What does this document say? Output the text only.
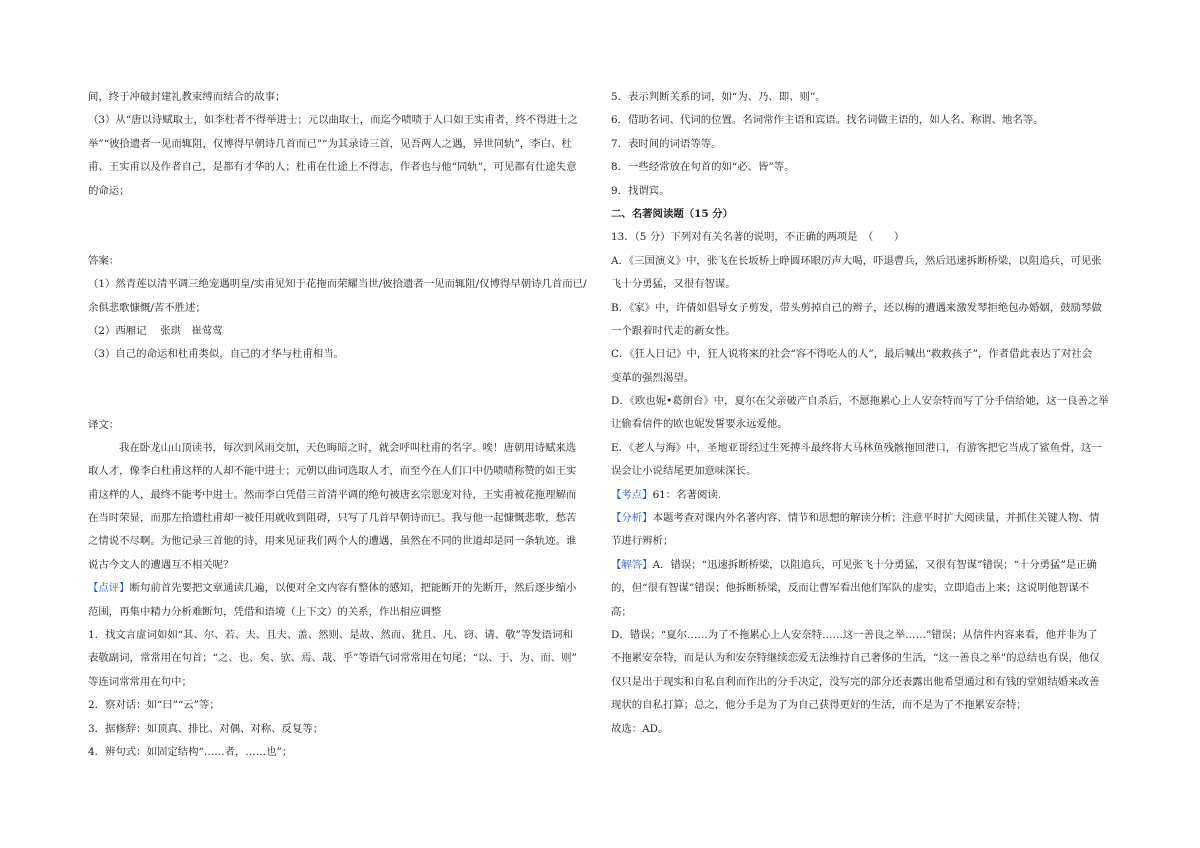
间，终于冲破封建礼教束缚而结合的故事；

（3）从“唐以诗赋取士，如李杜者不得举进士；元以曲取士，而迄今啧啧于人口如王实甫者，终不得进士之

举”“彼拾遗者一见而辄阻，仅博得早朝诗几首而已”“为其录诗三首，见吾两人之遇，异世同轨”，李白、杜

甫、王实甫以及作者自己，是都有才华的人；杜甫在仕途上不得志，作者也与他“同轨”，可见都有仕途失意

的命运；

答案：

（1）然青莲以清平调三绝宠遇明皇/实甫见知于花拖而荣耀当世/彼拾遗者一见而辄阻/仅博得早朝诗几首而已/

余俱悲歌慷慨/苦不胜述；

（2）西厢记　 张珙　崔莺莺

（3）自己的命运和杜甫类似，自己的才华与杜甫相当。

译文：

我在卧龙山山顶读书，每次到风雨交加，天色晦暗之时，就会呼叫杜甫的名字。唉！唐朝用诗赋来选

取人才，像李白杜甫这样的人却不能中进士；元朝以曲词选取人才，而至今在人们口中仍啧啧称赞的如王实

甫这样的人，最终不能考中进士。然而李白凭借三首清平调的绝句被唐玄宗恩宠对待，王实甫被花拖理解而

在当时荣显，而那左拾遗杜甫却一被任用就收到阻碍，只写了几首早朝诗而已。我与他一起慷慨悲歌，愁苦

之情说不尽啊。为他记录三首他的诗，用来见证我们两个人的遭遇，虽然在不同的世道却是同一条轨迹。谁

说古今文人的遭遇互不相关呢？

【点评】断句前首先要把文章通读几遍，以便对全文内容有整体的感知，把能断开的先断开，然后逐步缩小

范围，再集中精力分析难断句，凭借和语境（上下文）的关系，作出相应调整

1．找文言虚词如如“其、尔、若、夫、且夫、盖、然则、是故、然而、犹且、凡、窃、请、敬”等发语词和

表敬副词，常常用在句首；“之、也、矣、欤、焉、哉、乎”等语气词常常用在句尾；“以、于、为、而、则”

等连词常常用在句中；

2．察对话：如“曰”“云”等；

3．据修辞：如顶真、排比、对偶、对称、反复等；

4．辨句式：如固定结构“……者，……也”；

5．表示判断关系的词，如“为、乃、即、则”。

6．借助名词、代词的位置。名词常作主语和宾语。找名词做主语的，如人名、称谓、地名等。

7．表时间的词语等等。

8．一些经常放在句首的如“必、皆”等。

9．找谓宾。

二、名著阅读题（15 分）

13．（5 分）下列对有关名著的说明，不正确的两项是　（　　）

A．《三国演义》中，张飞在长坂桥上睁圆环眼厉声大喝，吓退曹兵，然后迅速拆断桥梁，以阻追兵，可见张

飞十分勇猛，又很有智谋。

B．《家》中，许倩如倡导女子剪发，带头剪掉自己的辫子，还以梅的遭遇来激发琴拒绝包办婚姻，鼓励琴做

一个跟着时代走的新女性。

C．《狂人日记》中，狂人说将来的社会“容不得吃人的人”，最后喊出“救救孩子”，作者借此表达了对社会

变革的强烈渴望。

D．《欧也妮•葛朗台》中，夏尔在父亲破产自杀后，不愿拖累心上人安奈特而写了分手信给她，这一良善之举

让偷看信件的欧也妮发誓要永远爱他。

E．《老人与海》中，圣地亚哥经过生死搏斗最终将大马林鱼残骸拖回港口，有游客把它当成了鲨鱼骨，这一

误会让小说结尾更加意味深长。

【考点】61：名著阅读.

【分析】本题考查对课内外名著内容、情节和思想的解读分析；注意平时扩大阅读量，并抓住关键人物、情

节进行辨析；

【解答】A．错误；“迅速拆断桥梁，以阻追兵，可见张飞十分勇猛，又很有智谋”错误；“十分勇猛”是正确

的，但“很有智谋”错误；他拆断桥梁，反而让曹军看出他们军队的虚实，立即追击上来；这说明他智谋不

高；

D．错误；“夏尔……为了不拖累心上人安奈特……这一善良之举……”错误；从信件内容来看，他并非为了

不拖累安奈特，而是认为和安奈特继续恋爱无法维持自己奢侈的生活，“这一善良之举”的总结也有误，他仅

仅只是出于现实和自私自利而作出的分手决定，没写完的部分还表露出他希望通过和有钱的堂姐结婚来改善

现状的自私打算；总之，他分手是为了为自己获得更好的生活，而不是为了不拖累安奈特；

故选：AD。
